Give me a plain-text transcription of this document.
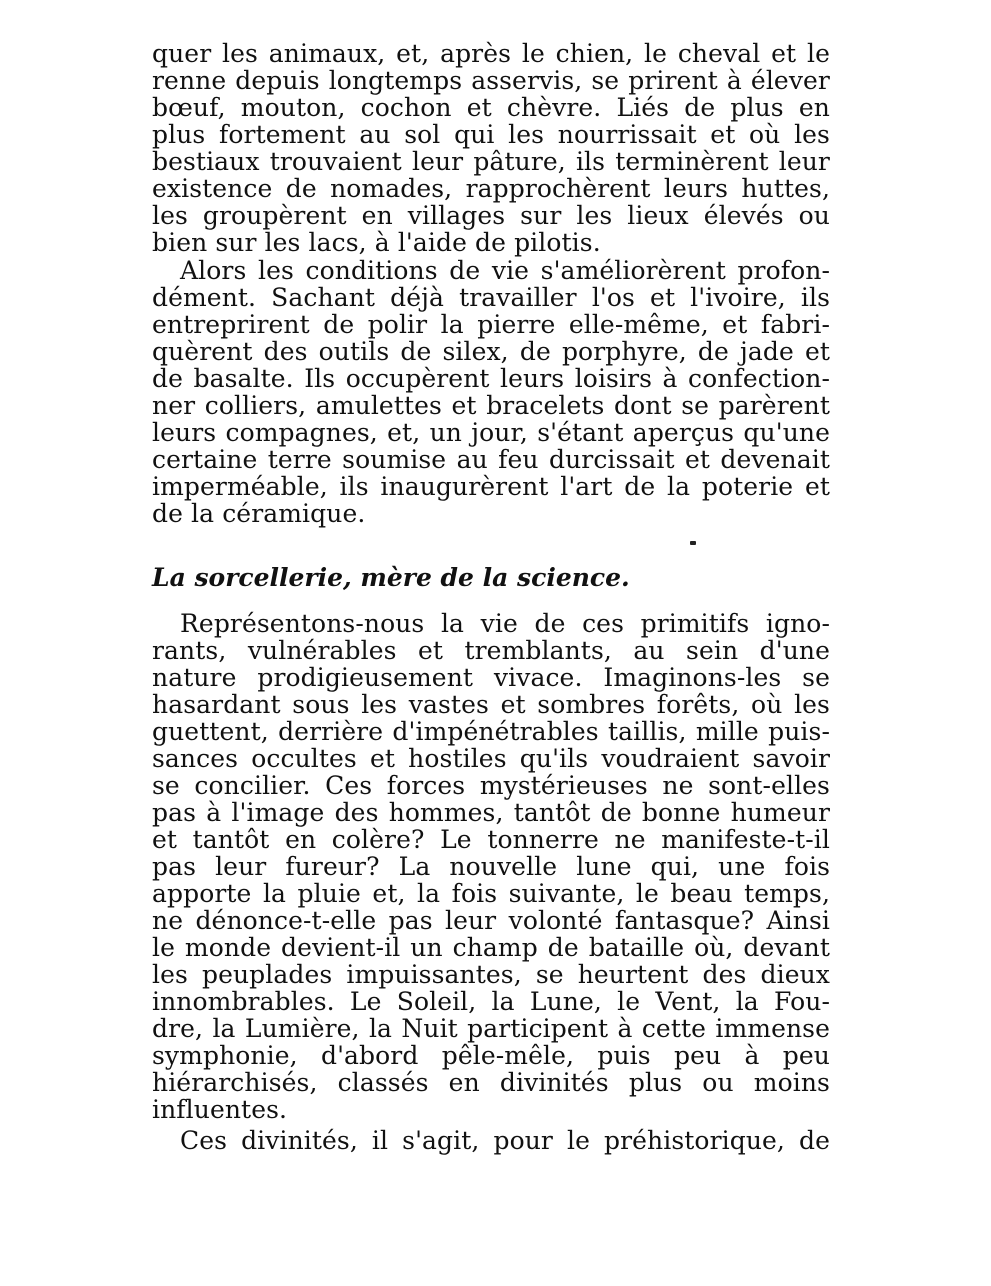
quer les animaux, et, après le chien, le cheval et le
renne depuis longtemps asservis, se prirent à élever
bœuf, mouton, cochon et chèvre. Liés de plus en
plus fortement au sol qui les nourrissait et où les
bestiaux trouvaient leur pâture, ils terminèrent leur
existence de nomades, rapprochèrent leurs huttes,
les groupèrent en villages sur les lieux élevés ou
bien sur les lacs, à l'aide de pilotis.
Alors les conditions de vie s'améliorèrent profon-
dément. Sachant déjà travailler l'os et l'ivoire, ils
entreprirent de polir la pierre elle-même, et fabri-
quèrent des outils de silex, de porphyre, de jade et
de basalte. Ils occupèrent leurs loisirs à confection-
ner colliers, amulettes et bracelets dont se parèrent
leurs compagnes, et, un jour, s'étant aperçus qu'une
certaine terre soumise au feu durcissait et devenait
imperméable, ils inaugurèrent l'art de la poterie et
de la céramique.
La sorcellerie, mère de la science.
Représentons-nous la vie de ces primitifs igno-
rants, vulnérables et tremblants, au sein d'une
nature prodigieusement vivace. Imaginons-les se
hasardant sous les vastes et sombres forêts, où les
guettent, derrière d'impénétrables taillis, mille puis-
sances occultes et hostiles qu'ils voudraient savoir
se concilier. Ces forces mystérieuses ne sont-elles
pas à l'image des hommes, tantôt de bonne humeur
et tantôt en colère? Le tonnerre ne manifeste-t-il
pas leur fureur? La nouvelle lune qui, une fois
apporte la pluie et, la fois suivante, le beau temps,
ne dénonce-t-elle pas leur volonté fantasque? Ainsi
le monde devient-il un champ de bataille où, devant
les peuplades impuissantes, se heurtent des dieux
innombrables. Le Soleil, la Lune, le Vent, la Fou-
dre, la Lumière, la Nuit participent à cette immense
symphonie, d'abord pêle-mêle, puis peu à peu
hiérarchisés, classés en divinités plus ou moins
influentes.
Ces divinités, il s'agit, pour le préhistorique, de
